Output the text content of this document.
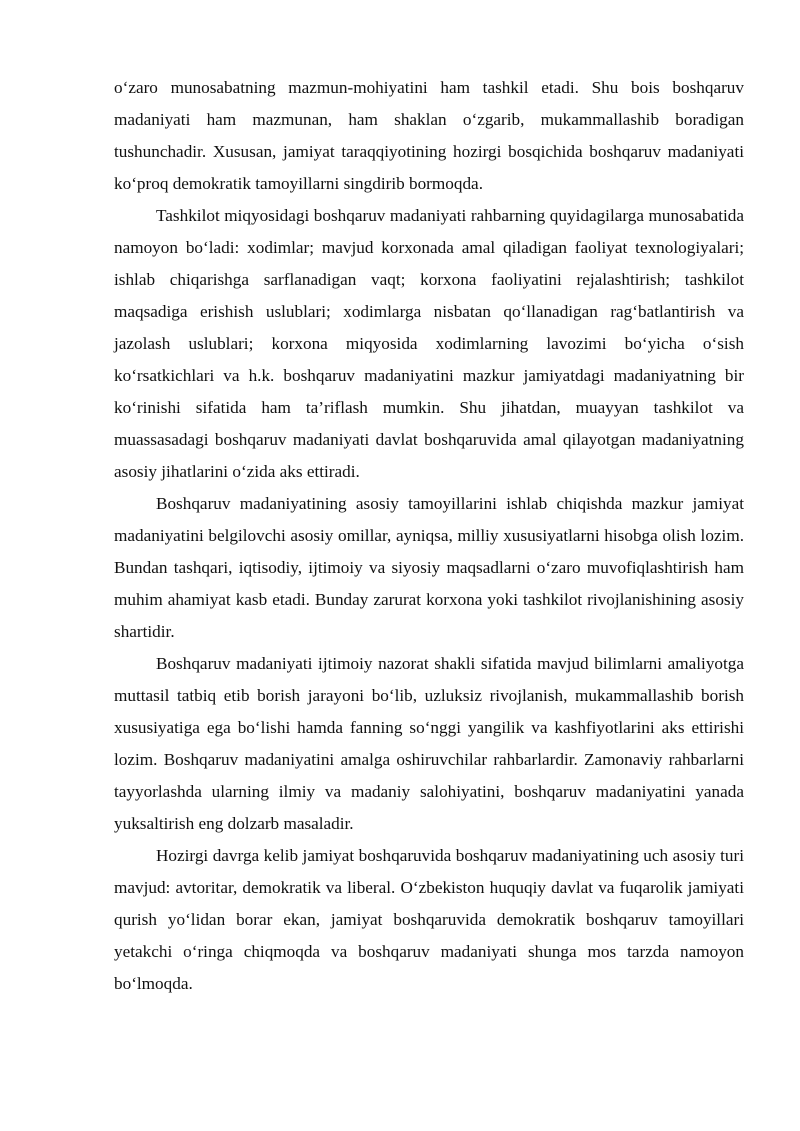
o‘zaro munosabatning mazmun-mohiyatini ham tashkil etadi. Shu bois boshqaruv madaniyati ham mazmunan, ham shaklan o‘zgarib, mukammallashib boradigan tushunchadir. Xususan, jamiyat taraqqiyotining hozirgi bosqichida boshqaruv madaniyati ko‘proq demokratik tamoyillarni singdirib bormoqda.

Tashkilot miqyosidagi boshqaruv madaniyati rahbarning quyidagilarga munosabatida namoyon bo‘ladi: xodimlar; mavjud korxonada amal qiladigan faoliyat texnologiyalari; ishlab chiqarishga sarflanadigan vaqt; korxona faoliyatini rejalashtirish; tashkilot maqsadiga erishish uslublari; xodimlarga nisbatan qo‘llanadigan rag‘batlantirish va jazolash uslublari; korxona miqyosida xodimlarning lavozimi bo‘yicha o‘sish ko‘rsatkichlari va h.k. boshqaruv madaniyatini mazkur jamiyatdagi madaniyatning bir ko‘rinishi sifatida ham ta’riflash mumkin. Shu jihatdan, muayyan tashkilot va muassasadagi boshqaruv madaniyati davlat boshqaruvida amal qilayotgan madaniyatning asosiy jihatlarini o‘zida aks ettiradi.

Boshqaruv madaniyatining asosiy tamoyillarini ishlab chiqishda mazkur jamiyat madaniyatini belgilovchi asosiy omillar, ayniqsa, milliy xususiyatlarni hisobga olish lozim. Bundan tashqari, iqtisodiy, ijtimoiy va siyosiy maqsadlarni o‘zaro muvofiqlashtirish ham muhim ahamiyat kasb etadi. Bunday zarurat korxona yoki tashkilot rivojlanishining asosiy shartidir.

Boshqaruv madaniyati ijtimoiy nazorat shakli sifatida mavjud bilimlarni amaliyotga muttasil tatbiq etib borish jarayoni bo‘lib, uzluksiz rivojlanish, mukammallashib borish xususiyatiga ega bo‘lishi hamda fanning so‘nggi yangilik va kashfiyotlarini aks ettirishi lozim. Boshqaruv madaniyatini amalga oshiruvchilar rahbarlardir. Zamonaviy rahbarlarni tayyorlashda ularning ilmiy va madaniy salohiyatini, boshqaruv madaniyatini yanada yuksaltirish eng dolzarb masaladir.

Hozirgi davrga kelib jamiyat boshqaruvida boshqaruv madaniyatining uch asosiy turi mavjud: avtoritar, demokratik va liberal. O‘zbekiston huquqiy davlat va fuqarolik jamiyati qurish yo‘lidan borar ekan, jamiyat boshqaruvida demokratik boshqaruv tamoyillari yetakchi o‘ringa chiqmoqda va boshqaruv madaniyati shunga mos tarzda namoyon bo‘lmoqda.
